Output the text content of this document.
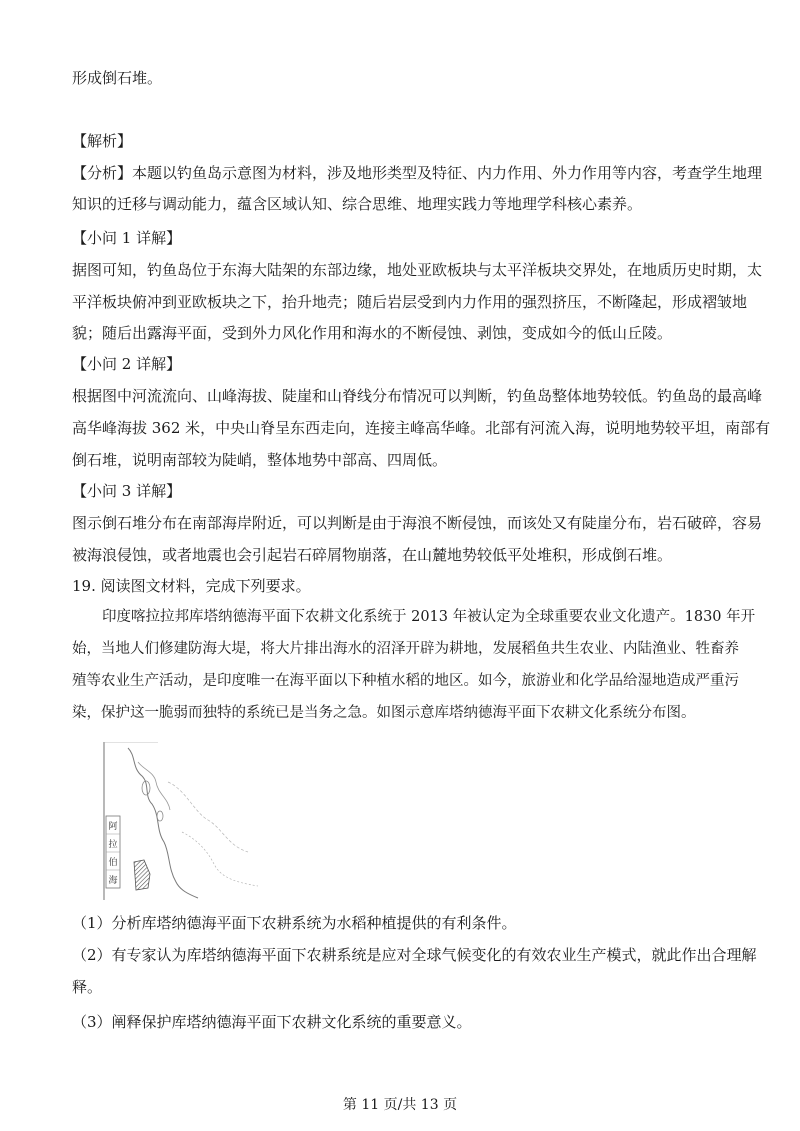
形成倒石堆。
【解析】
【分析】本题以钓鱼岛示意图为材料，涉及地形类型及特征、内力作用、外力作用等内容，考查学生地理
知识的迁移与调动能力，蕴含区域认知、综合思维、地理实践力等地理学科核心素养。
【小问 1 详解】
据图可知，钓鱼岛位于东海大陆架的东部边缘，地处亚欧板块与太平洋板块交界处，在地质历史时期，太
平洋板块俯冲到亚欧板块之下，抬升地壳；随后岩层受到内力作用的强烈挤压，不断隆起，形成褶皱地
貌；随后出露海平面，受到外力风化作用和海水的不断侵蚀、剥蚀，变成如今的低山丘陵。
【小问 2 详解】
根据图中河流流向、山峰海拔、陡崖和山脊线分布情况可以判断，钓鱼岛整体地势较低。钓鱼岛的最高峰
高华峰海拔 362 米，中央山脊呈东西走向，连接主峰高华峰。北部有河流入海，说明地势较平坦，南部有
倒石堆，说明南部较为陡峭，整体地势中部高、四周低。
【小问 3 详解】
图示倒石堆分布在南部海岸附近，可以判断是由于海浪不断侵蚀，而该处又有陡崖分布，岩石破碎，容易
被海浪侵蚀，或者地震也会引起岩石碎屑物崩落，在山麓地势较低平处堆积，形成倒石堆。
19. 阅读图文材料，完成下列要求。
印度喀拉拉邦库塔纳德海平面下农耕文化系统于 2013 年被认定为全球重要农业文化遗产。1830 年开
始，当地人们修建防海大堤，将大片排出海水的沼泽开辟为耕地，发展稻鱼共生农业、内陆渔业、牲畜养
殖等农业生产活动，是印度唯一在海平面以下种植水稻的地区。如今，旅游业和化学品给湿地造成严重污
染，保护这一脆弱而独特的系统已是当务之急。如图示意库塔纳德海平面下农耕文化系统分布图。
阿
拉
伯
海
（1）分析库塔纳德海平面下农耕系统为水稻种植提供的有利条件。
（2）有专家认为库塔纳德海平面下农耕系统是应对全球气候变化的有效农业生产模式，就此作出合理解
释。
（3）阐释保护库塔纳德海平面下农耕文化系统的重要意义。
第 11 页/共 13 页
